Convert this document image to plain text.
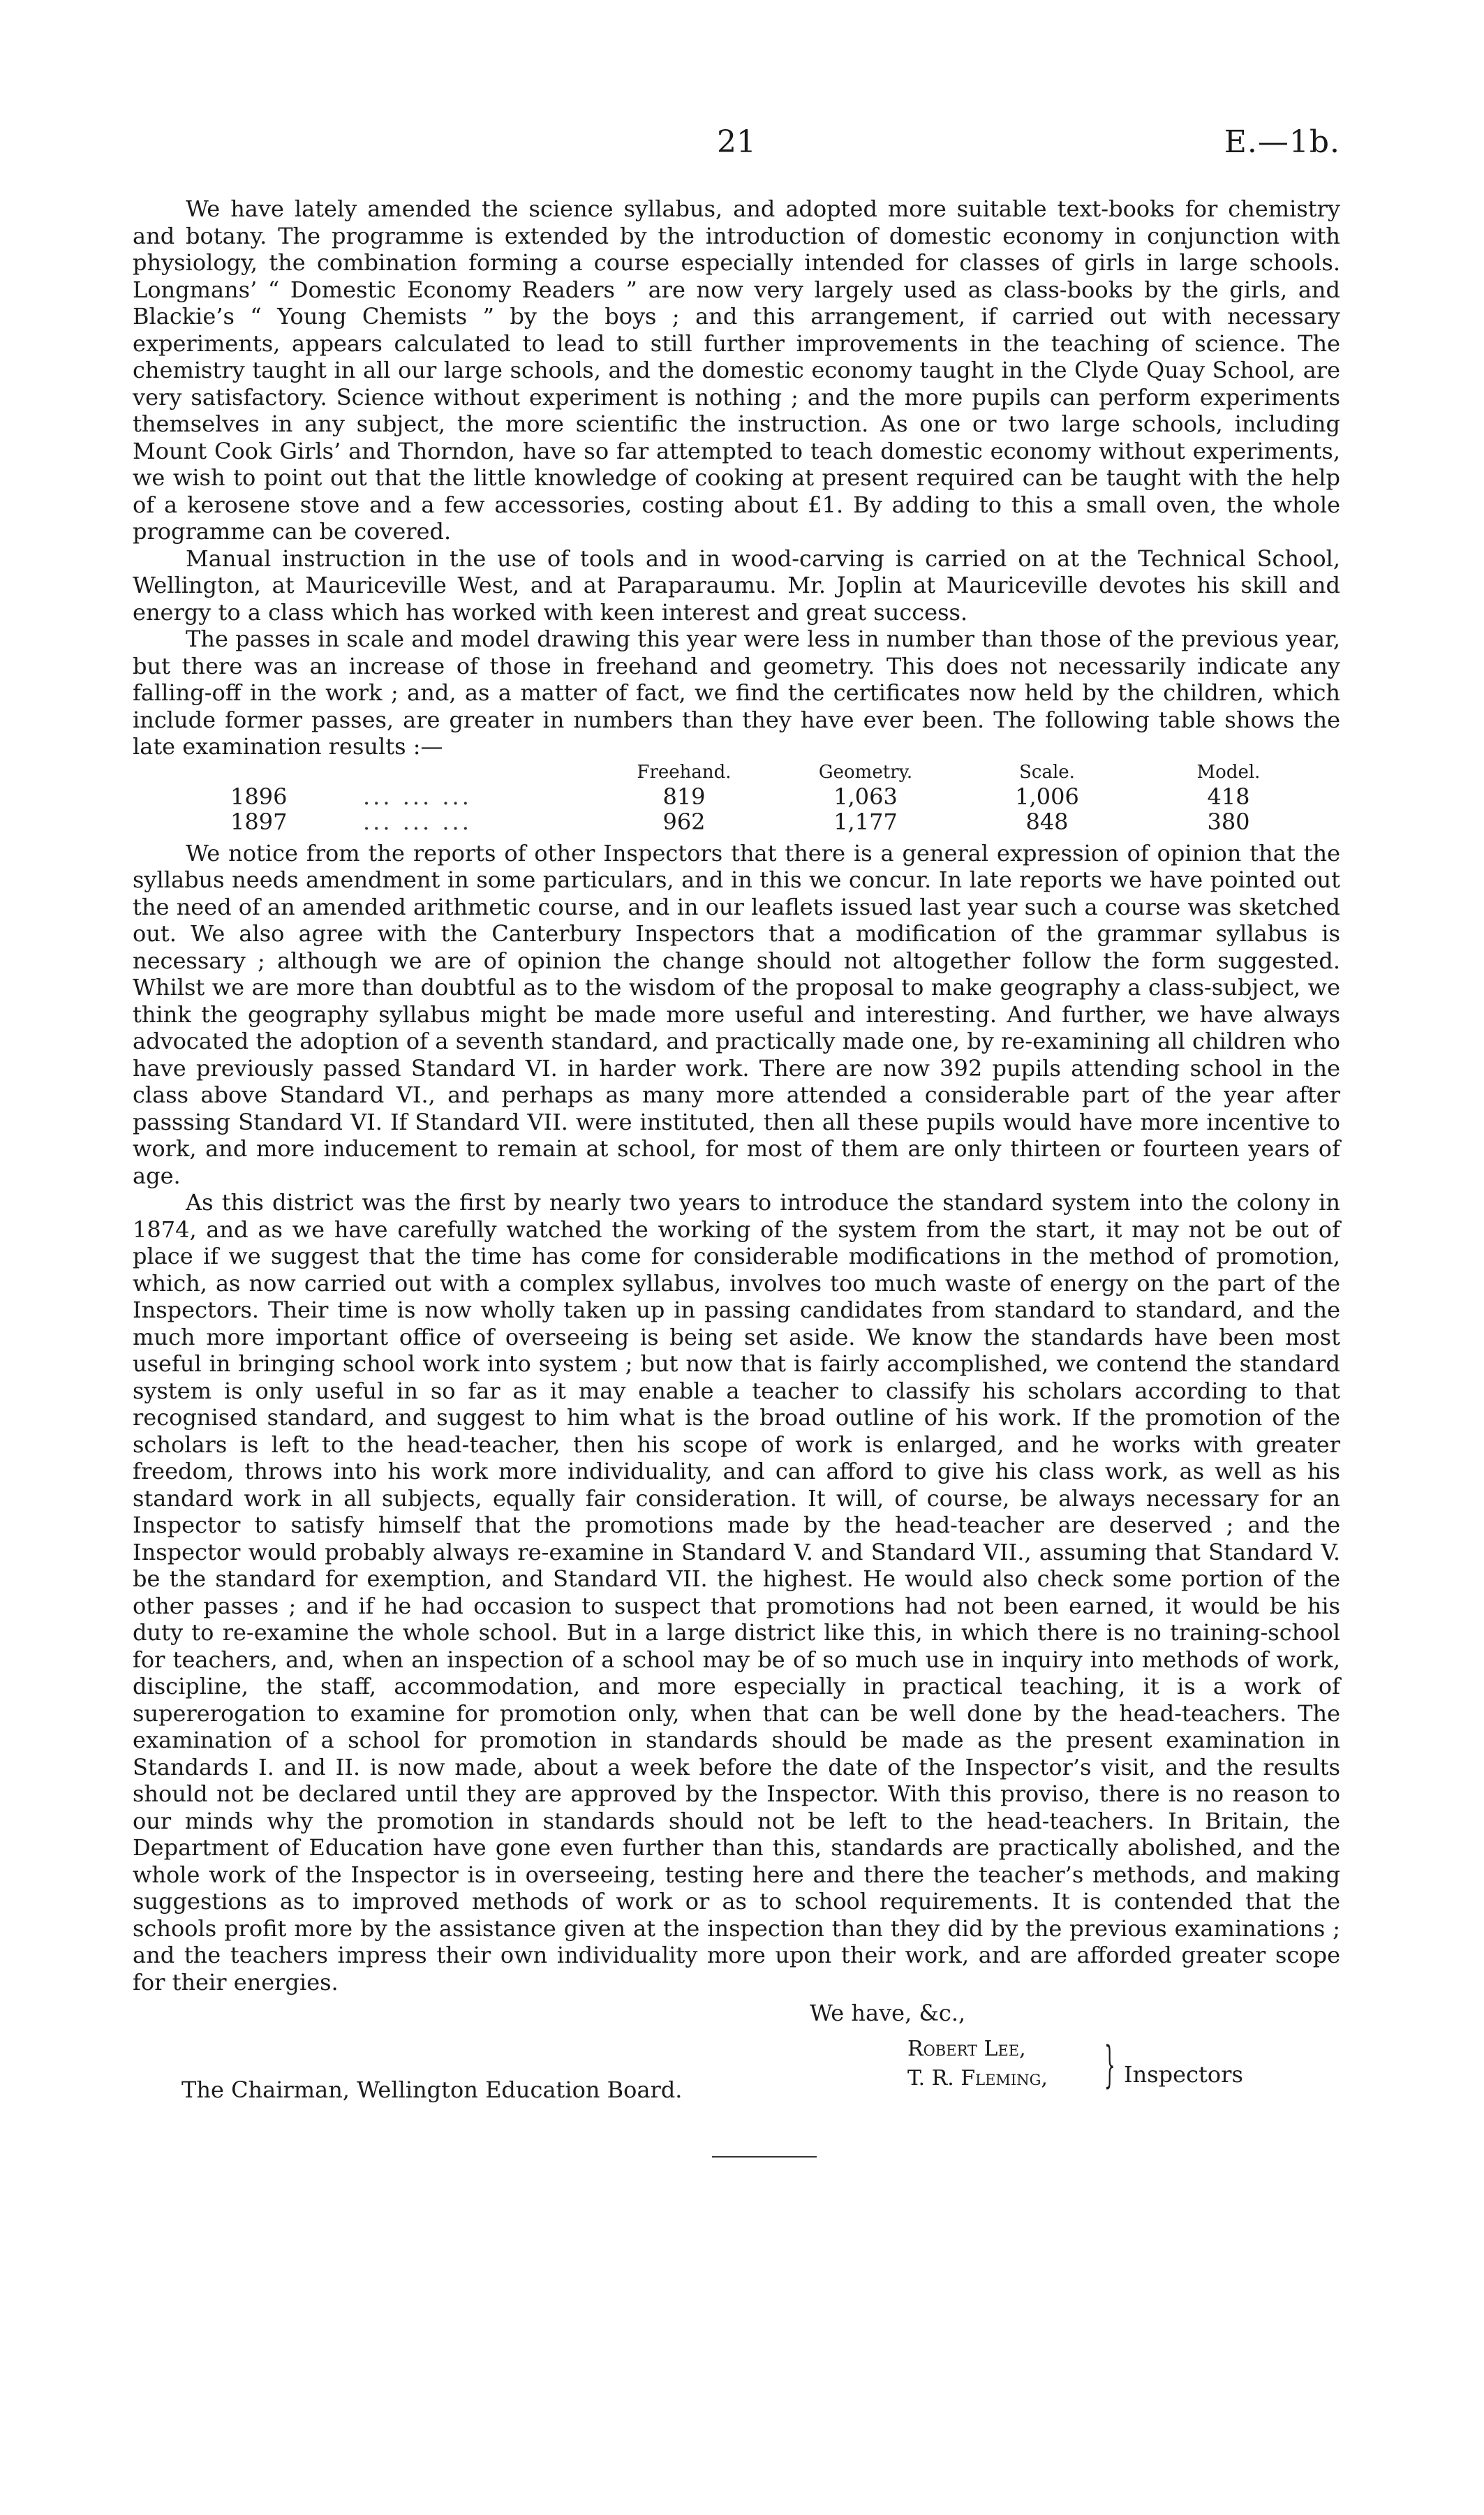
21	E.—1b.

We have lately amended the science syllabus, and adopted more suitable text-books for chemistry and botany. The programme is extended by the introduction of domestic economy in conjunction with physiology, the combination forming a course especially intended for classes of girls in large schools. Longmans’ “ Domestic Economy Readers ” are now very largely used as class-books by the girls, and Blackie’s “ Young Chemists ” by the boys ; and this arrangement, if carried out with necessary experiments, appears calculated to lead to still further improvements in the teaching of science. The chemistry taught in all our large schools, and the domestic economy taught in the Clyde Quay School, are very satisfactory. Science without experiment is nothing ; and the more pupils can perform experiments themselves in any subject, the more scientific the instruction. As one or two large schools, including Mount Cook Girls’ and Thorndon, have so far attempted to teach domestic economy without experiments, we wish to point out that the little knowledge of cooking at present required can be taught with the help of a kerosene stove and a few accessories, costing about £1. By adding to this a small oven, the whole programme can be covered.

Manual instruction in the use of tools and in wood-carving is carried on at the Technical School, Wellington, at Mauriceville West, and at Paraparaumu. Mr. Joplin at Mauriceville devotes his skill and energy to a class which has worked with keen interest and great success.

The passes in scale and model drawing this year were less in number than those of the previous year, but there was an increase of those in freehand and geometry. This does not necessarily indicate any falling-off in the work ; and, as a matter of fact, we find the certificates now held by the children, which include former passes, are greater in numbers than they have ever been. The following table shows the late examination results :—

		Freehand.	Geometry.	Scale.	Model.
1896	... ... ...	819	1,063	1,006	418
1897	... ... ...	962	1,177	848	380

We notice from the reports of other Inspectors that there is a general expression of opinion that the syllabus needs amendment in some particulars, and in this we concur. In late reports we have pointed out the need of an amended arithmetic course, and in our leaflets issued last year such a course was sketched out. We also agree with the Canterbury Inspectors that a modification of the grammar syllabus is necessary ; although we are of opinion the change should not altogether follow the form suggested. Whilst we are more than doubtful as to the wisdom of the proposal to make geography a class-subject, we think the geography syllabus might be made more useful and interesting. And further, we have always advocated the adoption of a seventh standard, and practically made one, by re-examining all children who have previously passed Standard VI. in harder work. There are now 392 pupils attending school in the class above Standard VI., and perhaps as many more attended a considerable part of the year after passsing Standard VI. If Standard VII. were instituted, then all these pupils would have more incentive to work, and more inducement to remain at school, for most of them are only thirteen or fourteen years of age.

As this district was the first by nearly two years to introduce the standard system into the colony in 1874, and as we have carefully watched the working of the system from the start, it may not be out of place if we suggest that the time has come for considerable modifications in the method of promotion, which, as now carried out with a complex syllabus, involves too much waste of energy on the part of the Inspectors. Their time is now wholly taken up in passing candidates from standard to standard, and the much more important office of overseeing is being set aside. We know the standards have been most useful in bringing school work into system ; but now that is fairly accomplished, we contend the standard system is only useful in so far as it may enable a teacher to classify his scholars according to that recognised standard, and suggest to him what is the broad outline of his work. If the promotion of the scholars is left to the head-teacher, then his scope of work is enlarged, and he works with greater freedom, throws into his work more individuality, and can afford to give his class work, as well as his standard work in all subjects, equally fair consideration. It will, of course, be always necessary for an Inspector to satisfy himself that the promotions made by the head-teacher are deserved ; and the Inspector would probably always re-examine in Standard V. and Standard VII., assuming that Standard V. be the standard for exemption, and Standard VII. the highest. He would also check some portion of the other passes ; and if he had occasion to suspect that promotions had not been earned, it would be his duty to re-examine the whole school. But in a large district like this, in which there is no training-school for teachers, and, when an inspection of a school may be of so much use in inquiry into methods of work, discipline, the staff, accommodation, and more especially in practical teaching, it is a work of supererogation to examine for promotion only, when that can be well done by the head-teachers. The examination of a school for promotion in standards should be made as the present examination in Standards I. and II. is now made, about a week before the date of the Inspector’s visit, and the results should not be declared until they are approved by the Inspector. With this proviso, there is no reason to our minds why the promotion in standards should not be left to the head-teachers. In Britain, the Department of Education have gone even further than this, standards are practically abolished, and the whole work of the Inspector is in overseeing, testing here and there the teacher’s methods, and making suggestions as to improved methods of work or as to school requirements. It is contended that the schools profit more by the assistance given at the inspection than they did by the previous examinations ; and the teachers impress their own individuality more upon their work, and are afforded greater scope for their energies.

We have, &c.,
The Chairman, Wellington Education Board.
Robert Lee,
T. R. Fleming, } Inspectors
